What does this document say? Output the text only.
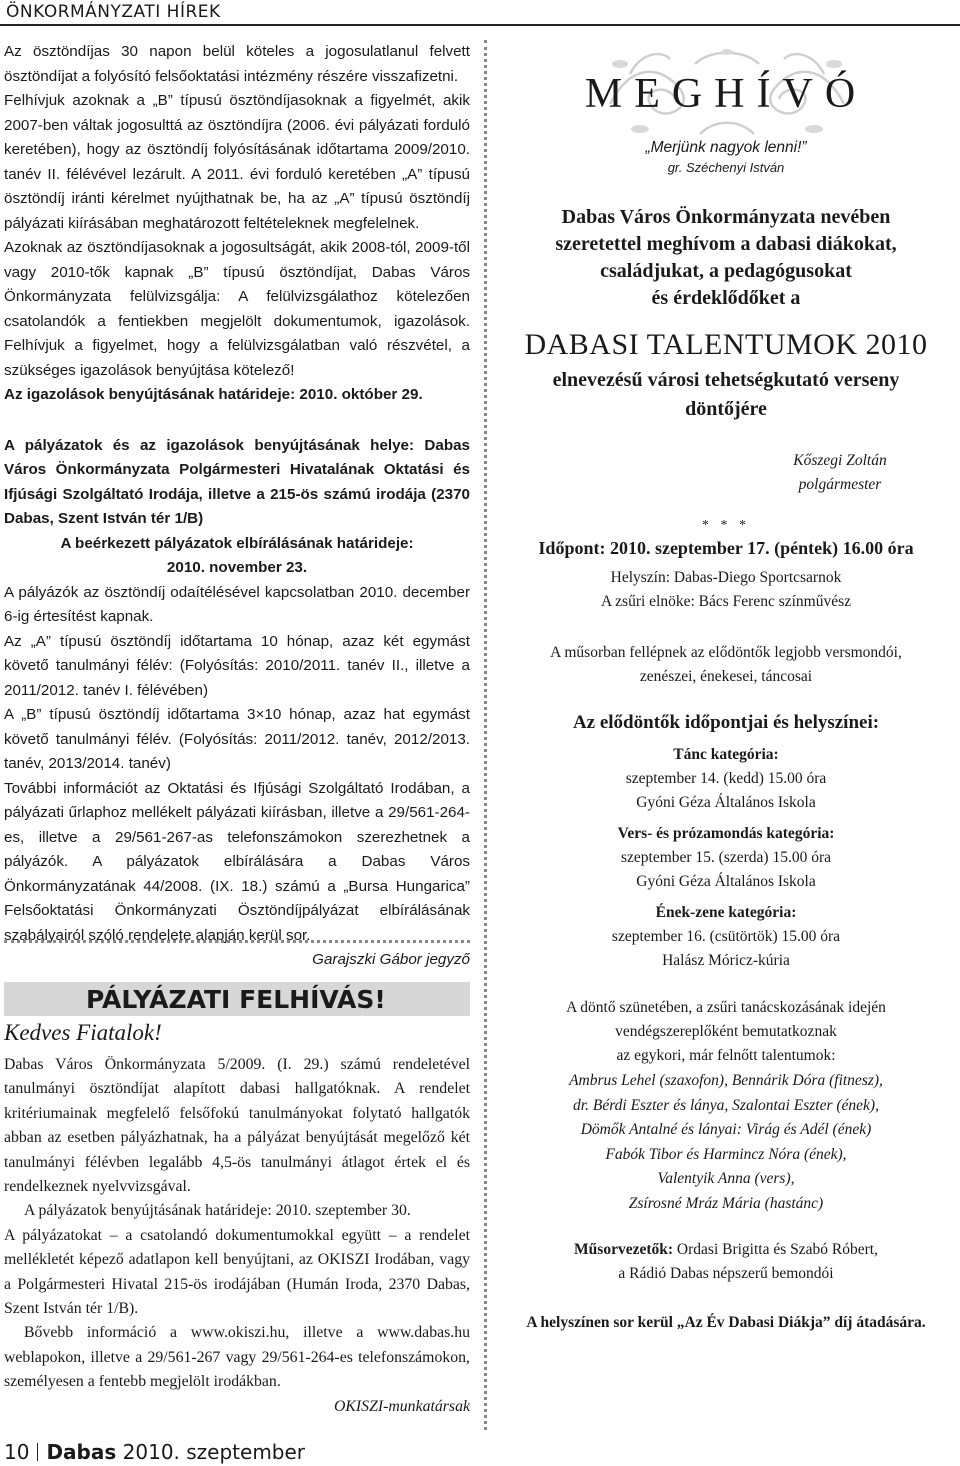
ÖNKORMÁNYZATI HÍREK

Az ösztöndíjas 30 napon belül köteles a jogosulatlanul felvett ösztöndíjat a folyósító felsőoktatási intézmény részére visszafizetni.

Felhívjuk azoknak a „B” típusú ösztöndíjasoknak a figyelmét, akik 2007-ben váltak jogosulttá az ösztöndíjra (2006. évi pályázati forduló keretében), hogy az ösztöndíj folyósításának időtartama 2009/2010. tanév II. félévével lezárult. A 2011. évi forduló keretében „A” típusú ösztöndíj iránti kérelmet nyújthatnak be, ha az „A” típusú ösztöndíj pályázati kiírásában meghatározott feltételeknek megfelelnek.

Azoknak az ösztöndíjasoknak a jogosultságát, akik 2008-tól, 2009-től vagy 2010-tők kapnak „B” típusú ösztöndíjat, Dabas Város Önkormányzata felülvizsgálja: A felülvizsgálathoz kötelezően csatolandók a fentiekben megjelölt dokumentumok, igazolások. Felhívjuk a figyelmet, hogy a felülvizsgálatban való részvétel, a szükséges igazolások benyújtása kötelező!

Az igazolások benyújtásának határideje: 2010. október 29.

A pályázatok és az igazolások benyújtásának helye: Dabas Város Önkormányzata Polgármesteri Hivatalának Oktatási és Ifjúsági Szolgáltató Irodája, illetve a 215-ös számú irodája (2370 Dabas, Szent István tér 1/B)

A beérkezett pályázatok elbírálásának határideje:

2010. november 23.

A pályázók az ösztöndíj odaítélésével kapcsolatban 2010. december 6-ig értesítést kapnak.

Az „A” típusú ösztöndíj időtartama 10 hónap, azaz két egymást követő tanulmányi félév: (Folyósítás: 2010/2011. tanév II., illetve a 2011/2012. tanév I. félévében)

A „B” típusú ösztöndíj időtartama 3×10 hónap, azaz hat egymást követő tanulmányi félév. (Folyósítás: 2011/2012. tanév, 2012/2013. tanév, 2013/2014. tanév)

További információt az Oktatási és Ifjúsági Szolgáltató Irodában, a pályázati űrlaphoz mellékelt pályázati kiírásban, illetve a 29/561-264-es, illetve a 29/561-267-as telefonszámokon szerezhetnek a pályázók. A pályázatok elbírálására a Dabas Város Önkormányzatának 44/2008. (IX. 18.) számú a „Bursa Hungarica” Felsőoktatási Önkormányzati Ösztöndíjpályázat elbírálásának szabályairól szóló rendelete alapján kerül sor.

Garajszki Gábor jegyző

PÁLYÁZATI FELHÍVÁS!
Kedves Fiatalok!

Dabas Város Önkormányzata 5/2009. (I. 29.) számú rendeletével tanulmányi ösztöndíjat alapított dabasi hallgatóknak. A rendelet kritériumainak megfelelő felsőfokú tanulmányokat folytató hallgatók abban az esetben pályázhatnak, ha a pályázat benyújtását megelőző két tanulmányi félévben legalább 4,5-ös tanulmányi átlagot értek el és rendelkeznek nyelvvizsgával.

A pályázatok benyújtásának határideje: 2010. szeptember 30.

A pályázatokat – a csatolandó dokumentumokkal együtt – a rendelet mellékletét képező adatlapon kell benyújtani, az OKISZI Irodában, vagy a Polgármesteri Hivatal 215-ös irodájában (Humán Iroda, 2370 Dabas, Szent István tér 1/B).

Bővebb információ a www.okiszi.hu, illetve a www.dabas.hu weblapokon, illetve a 29/561-267 vagy 29/561-264-es telefonszámokon, személyesen a fentebb megjelölt irodákban.

OKISZI-munkatársak

10 Dabas 2010. szeptember
MEGHÍVÓ
„Merjünk nagyok lenni!”
gr. Széchenyi István
Dabas Város Önkormányzata nevében
szeretettel meghívom a dabasi diákokat,
családjukat, a pedagógusokat
és érdeklődőket a
DABASI TALENTUMOK 2010
elnevezésű városi tehetségkutató verseny
döntőjére
Kőszegi Zoltán
polgármester
* * *
Időpont: 2010. szeptember 17. (péntek) 16.00 óra
Helyszín: Dabas-Diego Sportcsarnok
A zsűri elnöke: Bács Ferenc színművész
A műsorban fellépnek az elődöntők legjobb versmondói,
zenészei, énekesei, táncosai
Az elődöntők időpontjai és helyszínei:
Tánc kategória:
szeptember 14. (kedd) 15.00 óra
Gyóni Géza Általános Iskola
Vers- és prózamondás kategória:
szeptember 15. (szerda) 15.00 óra
Gyóni Géza Általános Iskola
Ének-zene kategória:
szeptember 16. (csütörtök) 15.00 óra
Halász Móricz-kúria
A döntő szünetében, a zsűri tanácskozásának idején
vendégszereplőként bemutatkoznak
az egykori, már felnőtt talentumok:
Ambrus Lehel (szaxofon), Bennárik Dóra (fitnesz),
dr. Bérdi Eszter és lánya, Szalontai Eszter (ének),
Dömők Antalné és lányai: Virág és Adél (ének)
Fabók Tibor és Harmincz Nóra (ének),
Valentyik Anna (vers),
Zsírosné Mráz Mária (hastánc)
Műsorvezetők: Ordasi Brigitta és Szabó Róbert,
a Rádió Dabas népszerű bemondói
A helyszínen sor kerül „Az Év Dabasi Diákja” díj átadására.
